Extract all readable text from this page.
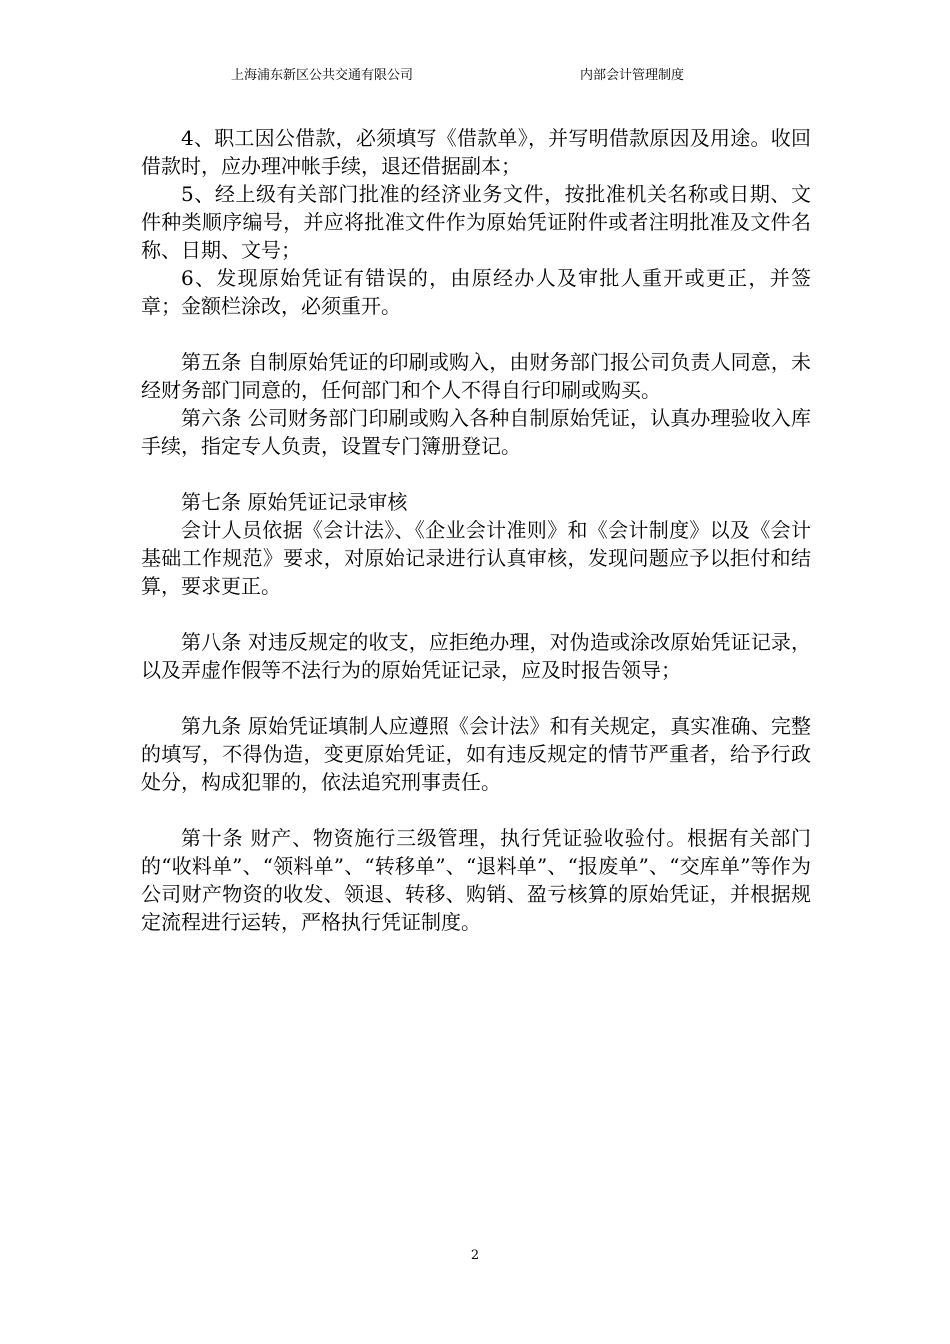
上海浦东新区公共交通有限公司	内部会计管理制度

4、职工因公借款，必须填写《借款单》，并写明借款原因及用途。收回借款时，应办理冲帐手续，退还借据副本；

5、经上级有关部门批准的经济业务文件，按批准机关名称或日期、文件种类顺序编号，并应将批准文件作为原始凭证附件或者注明批准及文件名称、日期、文号；

6、发现原始凭证有错误的，由原经办人及审批人重开或更正，并签章；金额栏涂改，必须重开。

第五条 自制原始凭证的印刷或购入，由财务部门报公司负责人同意，未经财务部门同意的，任何部门和个人不得自行印刷或购买。

第六条 公司财务部门印刷或购入各种自制原始凭证，认真办理验收入库手续，指定专人负责，设置专门簿册登记。

第七条 原始凭证记录审核

会计人员依据《会计法》、《企业会计准则》和《会计制度》以及《会计基础工作规范》要求，对原始记录进行认真审核，发现问题应予以拒付和结算，要求更正。

第八条 对违反规定的收支，应拒绝办理，对伪造或涂改原始凭证记录，以及弄虚作假等不法行为的原始凭证记录，应及时报告领导；

第九条 原始凭证填制人应遵照《会计法》和有关规定，真实准确、完整的填写，不得伪造，变更原始凭证，如有违反规定的情节严重者，给予行政处分，构成犯罪的，依法追究刑事责任。

第十条 财产、物资施行三级管理，执行凭证验收验付。根据有关部门的“收料单”、“领料单”、“转移单”、“退料单”、“报废单”、“交库单”等作为公司财产物资的收发、领退、转移、购销、盈亏核算的原始凭证，并根据规定流程进行运转，严格执行凭证制度。

2
